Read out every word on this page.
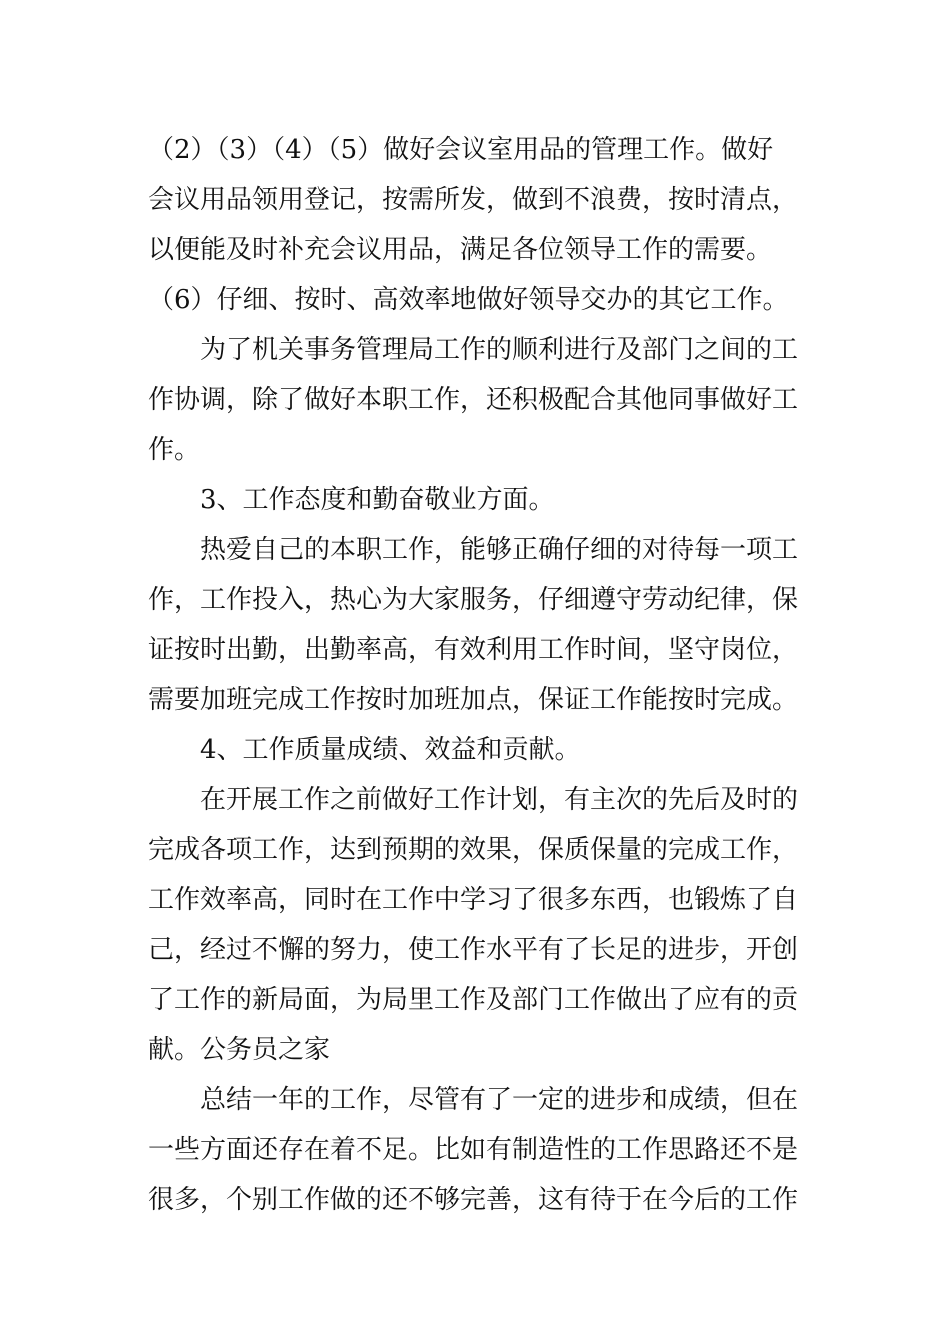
（2）（3）（4）（5）做好会议室用品的管理工作。做好
会议用品领用登记，按需所发，做到不浪费，按时清点，
以便能及时补充会议用品，满足各位领导工作的需要。
（6）仔细、按时、高效率地做好领导交办的其它工作。
为了机关事务管理局工作的顺利进行及部门之间的工
作协调，除了做好本职工作，还积极配合其他同事做好工
作。
3、工作态度和勤奋敬业方面。
热爱自己的本职工作，能够正确仔细的对待每一项工
作，工作投入，热心为大家服务，仔细遵守劳动纪律，保
证按时出勤，出勤率高，有效利用工作时间，坚守岗位，
需要加班完成工作按时加班加点，保证工作能按时完成。
4、工作质量成绩、效益和贡献。
在开展工作之前做好工作计划，有主次的先后及时的
完成各项工作，达到预期的效果，保质保量的完成工作，
工作效率高，同时在工作中学习了很多东西，也锻炼了自
己，经过不懈的努力，使工作水平有了长足的进步，开创
了工作的新局面，为局里工作及部门工作做出了应有的贡
献。公务员之家
总结一年的工作，尽管有了一定的进步和成绩，但在
一些方面还存在着不足。比如有制造性的工作思路还不是
很多，个别工作做的还不够完善，这有待于在今后的工作
